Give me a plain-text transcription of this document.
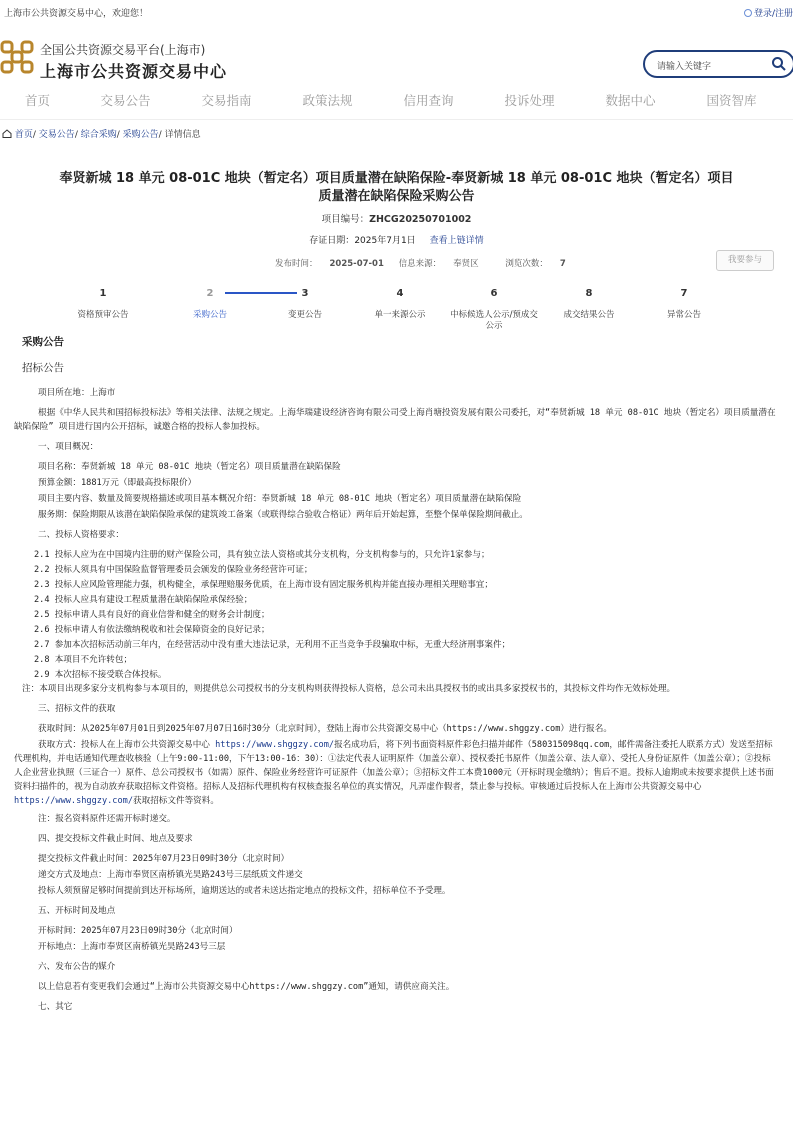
上海市公共资源交易中心，欢迎您！	登录/注册
全国公共资源交易平台(上海市)
上海市公共资源交易中心	请输入关键字
首页	交易公告	交易指南	政策法规	信用查询	投诉处理	数据中心	国资智库
首页/ 交易公告/ 综合采购/ 采购公告/ 详情信息
奉贤新城 18 单元 08-01C 地块（暂定名）项目质量潜在缺陷保险-奉贤新城 18 单元 08-01C 地块（暂定名）项目
质量潜在缺陷保险采购公告
项目编号：ZHCG20250701002
存证日期：2025年7月1日 查看上链详情
发布时间： 2025-07-01 信息来源： 奉贤区	浏览次数： 7	我要参与
1
资格预审公告
2
采购公告
3
变更公告
4
单一来源公示
6
中标候选人公示/预成交公示
8
成交结果公告
7
异常公告
采购公告
招标公告

项目所在地：上海市

根据《中华人民共和国招标投标法》等相关法律、法规之规定。上海华瑞建设经济咨询有限公司受上海肖塘投资发展有限公司委托，对“奉贤新城 18 单元 08-01C 地块（暂定名）项目质量潜在缺陷保险” 项目进行国内公开招标，诚邀合格的投标人参加投标。

一、项目概况：

项目名称：奉贤新城 18 单元 08-01C 地块（暂定名）项目质量潜在缺陷保险

预算金额：1881万元（即最高投标限价）

项目主要内容、数量及简要规格描述或项目基本概况介绍：奉贤新城 18 单元 08-01C 地块（暂定名）项目质量潜在缺陷保险

服务期：保险期限从该潜在缺陷保险承保的建筑竣工备案（或联得综合验收合格证）两年后开始起算，至整个保单保险期间截止。

二、投标人资格要求：

2.1 投标人应为在中国境内注册的财产保险公司，具有独立法人资格或其分支机构，分支机构参与的，只允许1家参与；

2.2 投标人须具有中国保险监督管理委员会颁发的保险业务经营许可证；

2.3 投标人应风险管理能力强，机构健全，承保理赔服务优质，在上海市设有固定服务机构并能直接办理相关理赔事宜；

2.4 投标人应具有建设工程质量潜在缺陷保险承保经验；

2.5 投标申请人具有良好的商业信誉和健全的财务会计制度；

2.6 投标申请人有依法缴纳税收和社会保障资金的良好记录；

2.7 参加本次招标活动前三年内，在经营活动中没有重大违法记录，无利用不正当竞争手段骗取中标，无重大经济刑事案件；

2.8 本项目不允许转包；

2.9 本次招标不接受联合体投标。

注：本项目出现多家分支机构参与本项目的，则提供总公司授权书的分支机构则获得投标人资格，总公司未出具授权书的或出具多家授权书的，其投标文件均作无效标处理。

三、招标文件的获取

获取时间：从2025年07月01日到2025年07月07日16时30分（北京时间），登陆上海市公共资源交易中心（https://www.shggzy.com）进行报名。

获取方式：投标人在上海市公共资源交易中心 https://www.shggzy.com/报名成功后，将下列书面资料原件彩色扫描并邮件（580315098qq.com，邮件需备注委托人联系方式）发送至招标代理机构，并电话通知代理查收核验（上午9:00-11:00，下午13:00-16：30）：①法定代表人证明原件（加盖公章）、授权委托书原件（加盖公章、法人章）、受托人身份证原件（加盖公章）；②投标人企业营业执照（三证合一）原件、总公司授权书（如需）原件、保险业务经营许可证原件（加盖公章）；③招标文件工本费1000元（开标时现金缴纳）；售后不退。投标人逾期或未按要求提供上述书面资料扫描件的，视为自动放弃获取招标文件资格。招标人及招标代理机构有权核查报名单位的真实情况，凡弄虚作假者，禁止参与投标。审核通过后投标人在上海市公共资源交易中心 https://www.shggzy.com/获取招标文件等资料。

注：报名资料原件还需开标时递交。

四、提交投标文件截止时间、地点及要求

提交投标文件截止时间：2025年07月23日09时30分（北京时间）

递交方式及地点：上海市奉贤区南桥镇光昊路243号三层纸质文件递交

投标人须预留足够时间提前到达开标场所，逾期送达的或者未送达指定地点的投标文件，招标单位不予受理。

五、开标时间及地点

开标时间：2025年07月23日09时30分（北京时间）

开标地点：上海市奉贤区南桥镇光昊路243号三层

六、发布公告的媒介

以上信息若有变更我们会通过“上海市公共资源交易中心https://www.shggzy.com”通知，请供应商关注。

七、其它
